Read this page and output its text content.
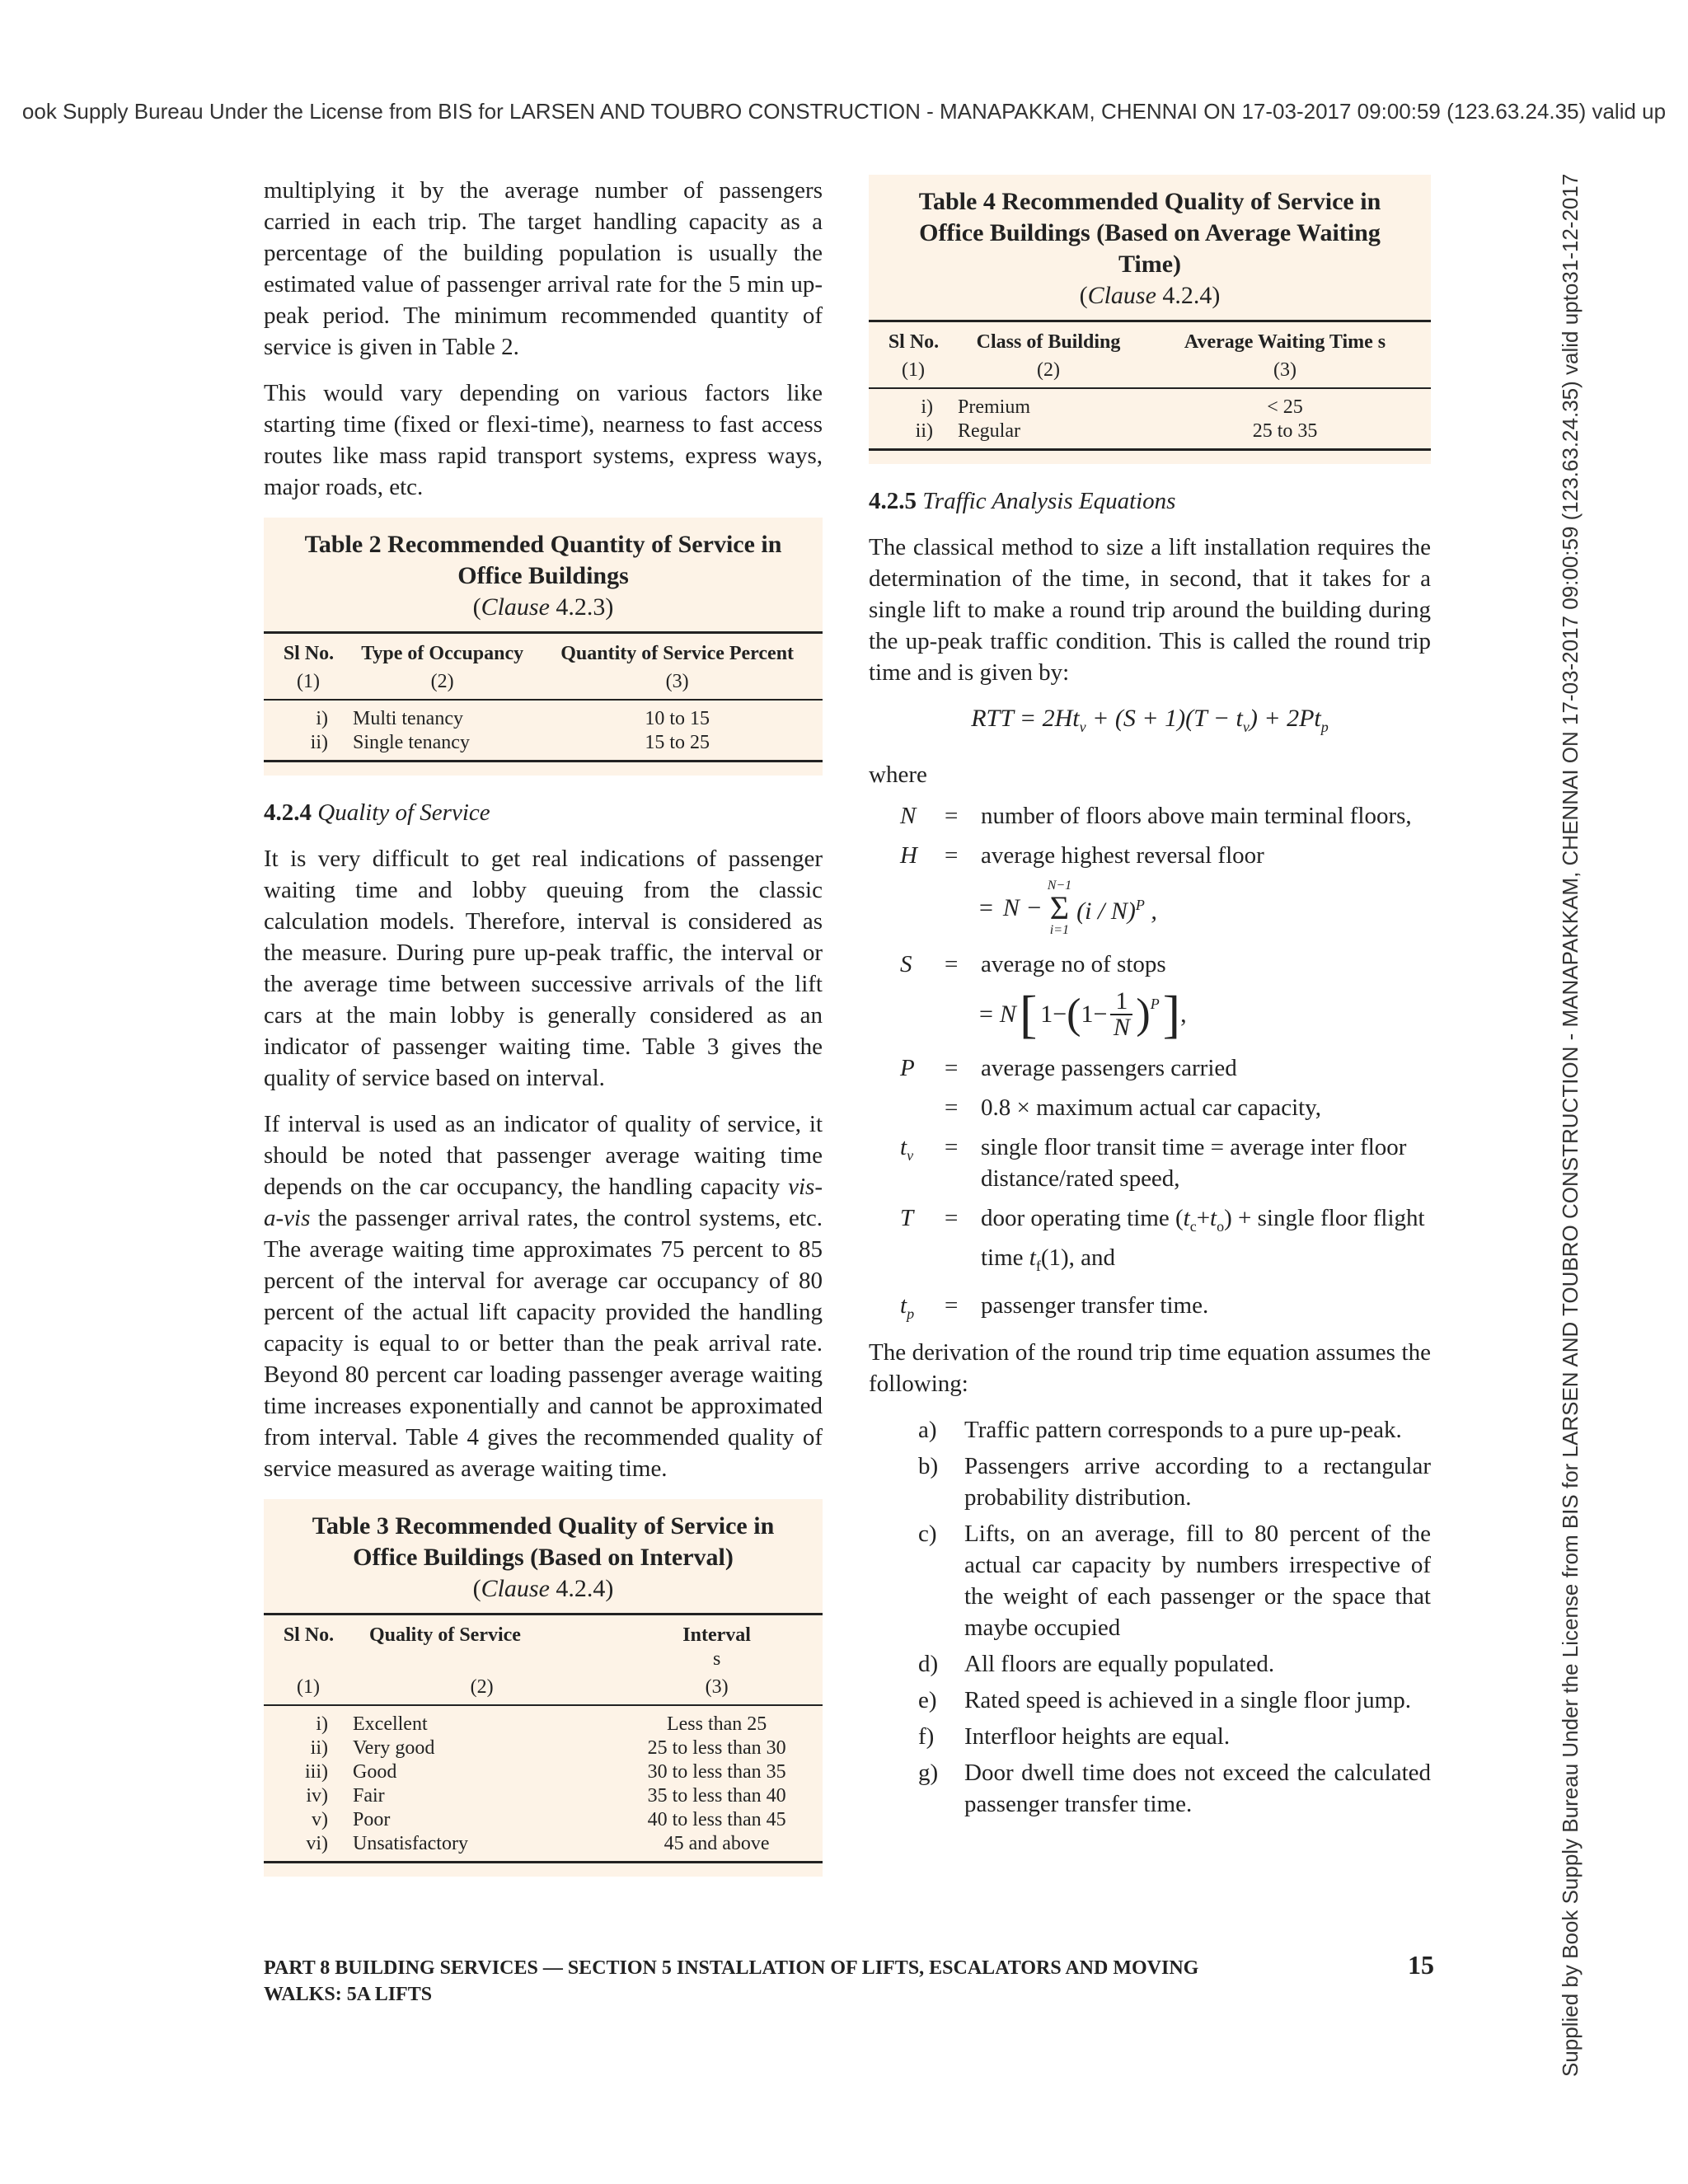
ook Supply Bureau Under the License from BIS for LARSEN AND TOUBRO CONSTRUCTION - MANAPAKKAM, CHENNAI ON 17-03-2017 09:00:59 (123.63.24.35) valid up
Supplied by Book Supply Bureau Under the License from BIS for LARSEN AND TOUBRO CONSTRUCTION - MANAPAKKAM, CHENNAI ON 17-03-2017 09:00:59 (123.63.24.35) valid upto31-12-2017

multiplying it by the average number of passengers carried in each trip. The target handling capacity as a percentage of the building population is usually the estimated value of passenger arrival rate for the 5 min up-peak period. The minimum recommended quantity of service is given in Table 2.

This would vary depending on various factors like starting time (fixed or flexi-time), nearness to fast access routes like mass rapid transport systems, express ways, major roads, etc.

Table 2 Recommended Quantity of Service in Office Buildings
(Clause 4.2.3)
Sl No.	Type of Occupancy	Quantity of Service Percent
(1)	(2)	(3)
i)	Multi tenancy	10 to 15
ii)	Single tenancy	15 to 25
4.2.4 Quality of Service

It is very difficult to get real indications of passenger waiting time and lobby queuing from the classic calculation models. Therefore, interval is considered as the measure. During pure up-peak traffic, the interval or the average time between successive arrivals of the lift cars at the main lobby is generally considered as an indicator of passenger waiting time. Table 3 gives the quality of service based on interval.

If interval is used as an indicator of quality of service, it should be noted that passenger average waiting time depends on the car occupancy, the handling capacity vis-a-vis the passenger arrival rates, the control systems, etc. The average waiting time approximates 75 percent to 85 percent of the interval for average car occupancy of 80 percent of the actual lift capacity provided the handling capacity is equal to or better than the peak arrival rate. Beyond 80 percent car loading passenger average waiting time increases exponentially and cannot be approximated from interval. Table 4 gives the recommended quality of service measured as average waiting time.

Table 3 Recommended Quality of Service in Office Buildings (Based on Interval)
(Clause 4.2.4)
Sl No.	Quality of Service	Interval
s
(1)	(2)	(3)
i)	Excellent	Less than 25
ii)	Very good	25 to less than 30
iii)	Good	30 to less than 35
iv)	Fair	35 to less than 40
v)	Poor	40 to less than 45
vi)	Unsatisfactory	45 and above
Table 4 Recommended Quality of Service in Office Buildings (Based on Average Waiting Time)
(Clause 4.2.4)
Sl No.	Class of Building	Average Waiting Time s
(1)	(2)	(3)
i)	Premium	< 25
ii)	Regular	25 to 35
4.2.5 Traffic Analysis Equations

The classical method to size a lift installation requires the determination of the time, in second, that it takes for a single lift to make a round trip around the building during the up-peak traffic condition. This is called the round trip time and is given by:

RTT = $2Ht_v + (S + 1)(T - t_v) + 2Pt_p$

where

N	= number of floors above main terminal floors,
H	= average highest reversal floor
= N −
N−1
Σ
i=1
(i / N)$^P$ ,
S	= average no of stops
= N [ 1− ( $1- \frac{1}{N} )^P$ ] ,
P	= average passengers carried
= 0.8 × maximum actual car capacity,
$t_v$	= single floor transit time = average inter floor distance/rated speed,
T	= door operating time $(t_c+t_o)$ + single floor flight time $t_f(1)$, and
$t_p$	= passenger transfer time.

The derivation of the round trip time equation assumes the following:

a)	Traffic pattern corresponds to a pure up-peak.
b)	Passengers arrive according to a rectangular probability distribution.
c)	Lifts, on an average, fill to 80 percent of the actual car capacity by numbers irrespective of the weight of each passenger or the space that maybe occupied
d)	All floors are equally populated.
e)	Rated speed is achieved in a single floor jump.
f)	Interfloor heights are equal.
g)	Door dwell time does not exceed the calculated passenger transfer time.
PART 8 BUILDING SERVICES — SECTION 5 INSTALLATION OF LIFTS, ESCALATORS AND MOVING WALKS: 5A LIFTS
15
